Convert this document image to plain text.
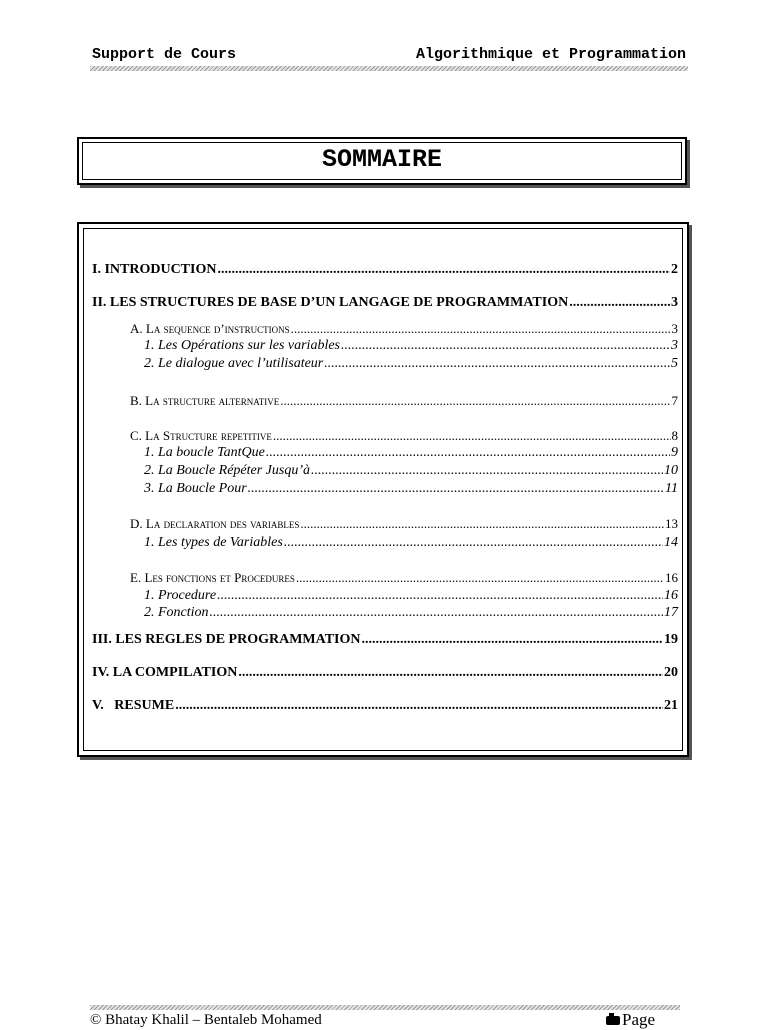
Support de Cours	Algorithmique et Programmation
SOMMAIRE
I. INTRODUCTION .....	2
II. LES STRUCTURES DE BASE D’UN LANGAGE DE PROGRAMMATION .....	3
A. La sequence d’instructions .....	3
1. Les Opérations sur les variables .....	3
2. Le dialogue avec l’utilisateur .....	5
B. La structure alternative .....	7
C. La Structure repetitive .....	8
1. La boucle TantQue .....	9
2. La Boucle Répéter Jusqu’à .....	10
3. La Boucle Pour .....	11
D. La declaration des variables .....	13
1. Les types de Variables .....	14
E. Les fonctions et Procedures .....	16
1. Procedure .....	16
2. Fonction .....	17
III. LES REGLES DE PROGRAMMATION .....	19
IV. LA COMPILATION .....	20
V.   RESUME .....	21
© Bhatay Khalil – Bentaleb Mohamed	Page
